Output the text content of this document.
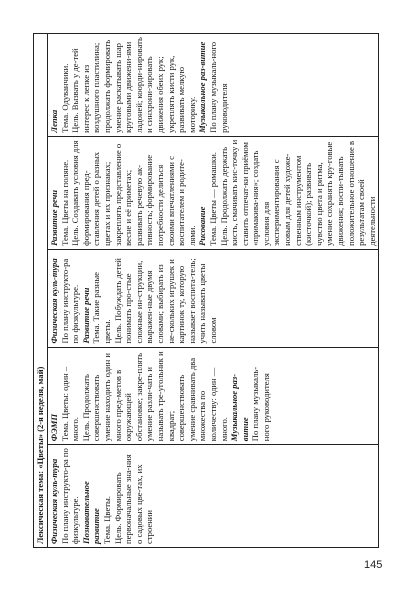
Лексическая тема: «Цветы» (2-я неделя, май)

Физическая куль-тура По плану инструкто-ра по физкультуре. Познавательное развитие Тема. Цветы. Цель. Формировать первоначальные зна-ния о садовых цве-тах, их строении

ФЭМП Тема. Цветы: один – много. Цель. Продолжать совершенствовать умение находить один и много пред-метов в окружающей обстановке; закре-плять умение разли-чать и называть тре-угольник и квадрат; совершенствовать умение сравнивать два множества по количеству: один — много. Музыкальное раз-витие По плану музыкаль-ного руководителя

Физическая куль-тура По плану инструкто-ра по физкультуре. Развитие речи Тема. Такие разные цветы. Цель. Побуждать детей понимать про-стые сложные ин-струкции, выражен-ные двумя словами; выбирать из не-скольких игрушек и картинок ту, которую называет воспита-тель; учить называть цветы словом

Развитие речи Тема. Цветы на поляне. Цель. Создавать условия для формирования пред-ставления детей о разных цветах и их признаках; закреплять представление о весне и её приметах; развивать речевую ак-тивность; формирование потребности делиться своими впечатлениями с воспитателем и родите-лями. Рисование Тема. Цветы — ромашки. Цель. Продолжать держать кисть, смачивать кис-точку и ставить отпечат-ки приёмом «примакива-ния»; создать условия для экспериментирования с новым для детей художе-ственным инструментом (кисточкой); развивать чувство цвета и ритма, умение сохранять кру-говые движения; воспи-тывать положительное отношение в результатам своей деятельности

Лепка Тема. Одуванчики. Цель. Вызвать у де-тей интерес к лепке из воздушного пластилина; продолжать формировать умение раскатывать шар круговыми движени-ями ладоней; коорди-нировать и синхрони-зировать движения обеих рук; укреплять кисти рук, развивать мелкую моторику. Музыкальное раз-витие По плану музыкаль-ного руководителя
145
